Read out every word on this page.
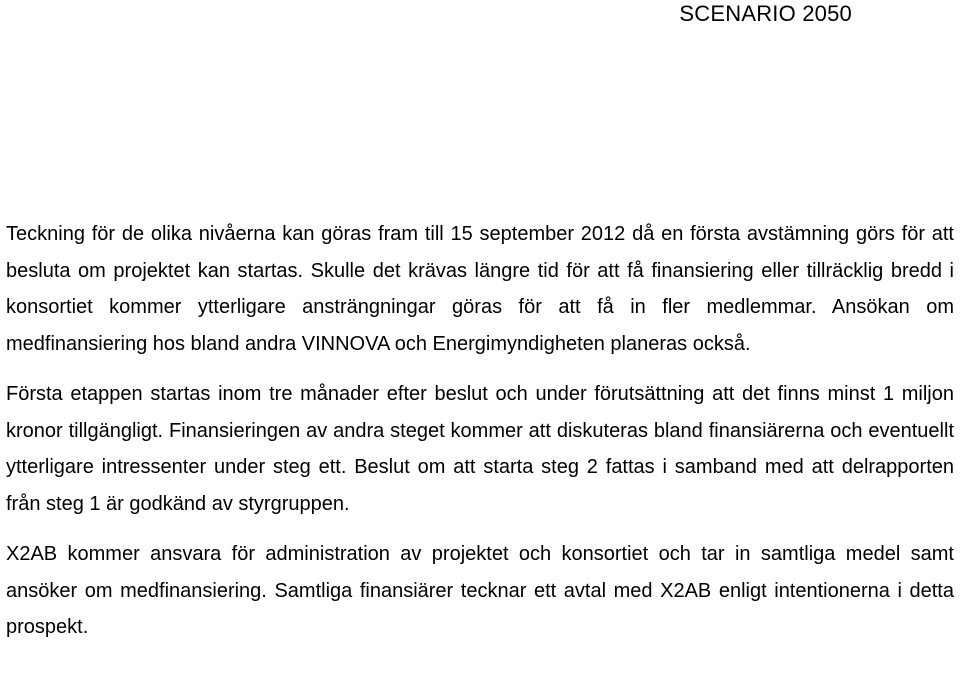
SCENARIO 2050

Teckning för de olika nivåerna kan göras fram till 15 september 2012 då en första avstämning görs för att besluta om projektet kan startas. Skulle det krävas längre tid för att få finansiering eller tillräcklig bredd i konsortiet kommer ytterligare ansträngningar göras för att få in fler medlemmar. Ansökan om medfinansiering hos bland andra VINNOVA och Energimyndigheten planeras också.

Första etappen startas inom tre månader efter beslut och under förutsättning att det finns minst 1 miljon kronor tillgängligt. Finansieringen av andra steget kommer att diskuteras bland finansiärerna och eventuellt ytterligare intressenter under steg ett. Beslut om att starta steg 2 fattas i samband med att delrapporten från steg 1 är godkänd av styrgruppen.

X2AB kommer ansvara för administration av projektet och konsortiet och tar in samtliga medel samt ansöker om medfinansiering. Samtliga finansiärer tecknar ett avtal med X2AB enligt intentionerna i detta prospekt.
